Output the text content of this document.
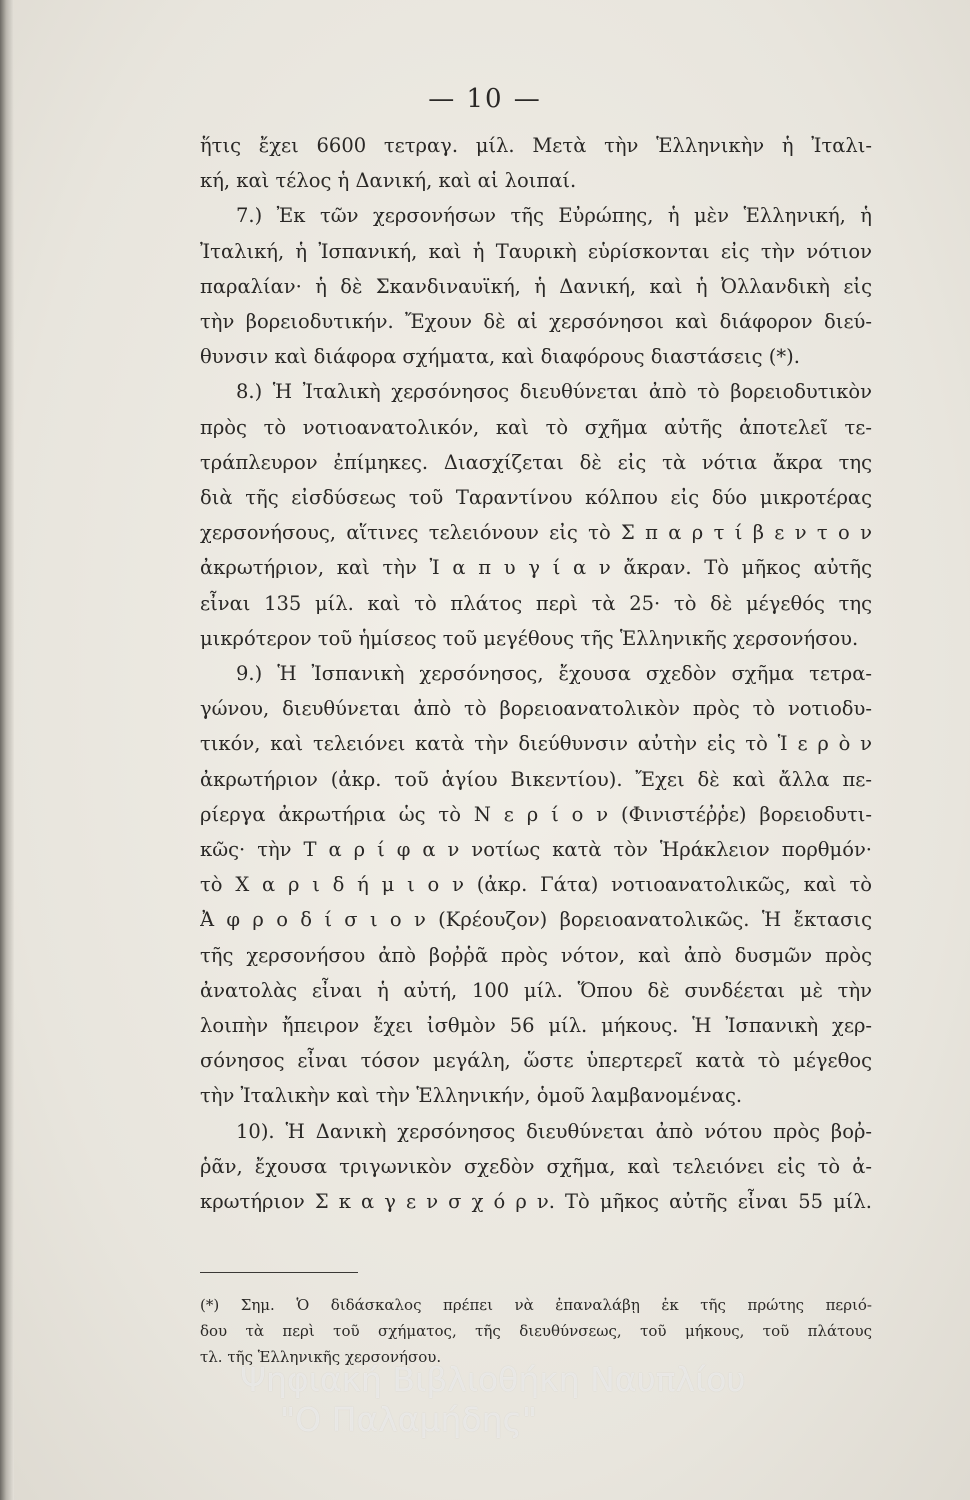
— 10 —
ἥτις ἔχει 6600 τετραγ. μίλ. Μετὰ τὴν Ἑλληνικὴν ἡ Ἰταλι-
κή, καὶ τέλος ἡ Δανική, καὶ αἱ λοιπαί.
7.) Ἐκ τῶν χερσονήσων τῆς Εὐρώπης, ἡ μὲν Ἑλληνική, ἡ
Ἰταλική, ἡ Ἰσπανική, καὶ ἡ Ταυρικὴ εὑρίσκονται εἰς τὴν νότιον
παραλίαν· ἡ δὲ Σκανδιναυϊκή, ἡ Δανική, καὶ ἡ Ὀλλανδικὴ εἰς
τὴν βορειοδυτικήν. Ἔχουν δὲ αἱ χερσόνησοι καὶ διάφορον διεύ-
θυνσιν καὶ διάφορα σχήματα, καὶ διαφόρους διαστάσεις (*).
8.) Ἡ Ἰταλικὴ χερσόνησος διευθύνεται ἀπὸ τὸ βορειοδυτικὸν
πρὸς τὸ νοτιοανατολικόν, καὶ τὸ σχῆμα αὐτῆς ἀποτελεῖ τε-
τράπλευρον ἐπίμηκες. Διασχίζεται δὲ εἰς τὰ νότια ἄκρα της
διὰ τῆς εἰσδύσεως τοῦ Ταραντίνου κόλπου εἰς δύο μικροτέρας
χερσονήσους, αἵτινες τελειόνουν εἰς τὸ Σ π α ρ τ ί β ε ν τ ο ν
ἀκρωτήριον, καὶ τὴν Ἰ α π υ γ ί α ν ἄκραν. Τὸ μῆκος αὐτῆς
εἶναι 135 μίλ. καὶ τὸ πλάτος περὶ τὰ 25· τὸ δὲ μέγεθός της
μικρότερον τοῦ ἡμίσεος τοῦ μεγέθους τῆς Ἑλληνικῆς χερσονήσου.
9.) Ἡ Ἰσπανικὴ χερσόνησος, ἔχουσα σχεδὸν σχῆμα τετρα-
γώνου, διευθύνεται ἀπὸ τὸ βορειοανατολικὸν πρὸς τὸ νοτιοδυ-
τικόν, καὶ τελειόνει κατὰ τὴν διεύθυνσιν αὐτὴν εἰς τὸ Ἱ ε ρ ὸ ν
ἀκρωτήριον (ἀκρ. τοῦ ἁγίου Βικεντίου). Ἔχει δὲ καὶ ἄλλα πε-
ρίεργα ἀκρωτήρια ὡς τὸ Ν ε ρ ί ο ν (Φινιστέῤῥε) βορειοδυτι-
κῶς· τὴν Τ α ρ ί φ α ν νοτίως κατὰ τὸν Ἡράκλειον πορθμόν·
τὸ Χ α ρ ι δ ή μ ι ο ν (ἀκρ. Γάτα) νοτιοανατολικῶς, καὶ τὸ
Ἀ φ ρ ο δ ί σ ι ο ν (Κρέουζον) βορειοανατολικῶς. Ἡ ἔκτασις
τῆς χερσονήσου ἀπὸ βοῤῥᾶ πρὸς νότον, καὶ ἀπὸ δυσμῶν πρὸς
ἀνατολὰς εἶναι ἡ αὐτή, 100 μίλ. Ὅπου δὲ συνδέεται μὲ τὴν
λοιπὴν ἤπειρον ἔχει ἰσθμὸν 56 μίλ. μήκους. Ἡ Ἰσπανικὴ χερ-
σόνησος εἶναι τόσον μεγάλη, ὥστε ὑπερτερεῖ κατὰ τὸ μέγεθος
τὴν Ἰταλικὴν καὶ τὴν Ἑλληνικήν, ὁμοῦ λαμβανομένας.
10). Ἡ Δανικὴ χερσόνησος διευθύνεται ἀπὸ νότου πρὸς βοῤ-
ῥᾶν, ἔχουσα τριγωνικὸν σχεδὸν σχῆμα, καὶ τελειόνει εἰς τὸ ἀ-
κρωτήριον Σ κ α γ ε ν σ χ ό ρ ν. Τὸ μῆκος αὐτῆς εἶναι 55 μίλ.
(*) Σημ. Ὁ διδάσκαλος πρέπει νὰ ἐπαναλάβῃ ἐκ τῆς πρώτης περιό-
δου τὰ περὶ τοῦ σχήματος, τῆς διευθύνσεως, τοῦ μήκους, τοῦ πλάτους
τλ. τῆς Ἑλληνικῆς χερσονήσου.
Ψηφιακή Βιβλιοθήκη Ναυπλίου
"Ο Παλαμήδης"
